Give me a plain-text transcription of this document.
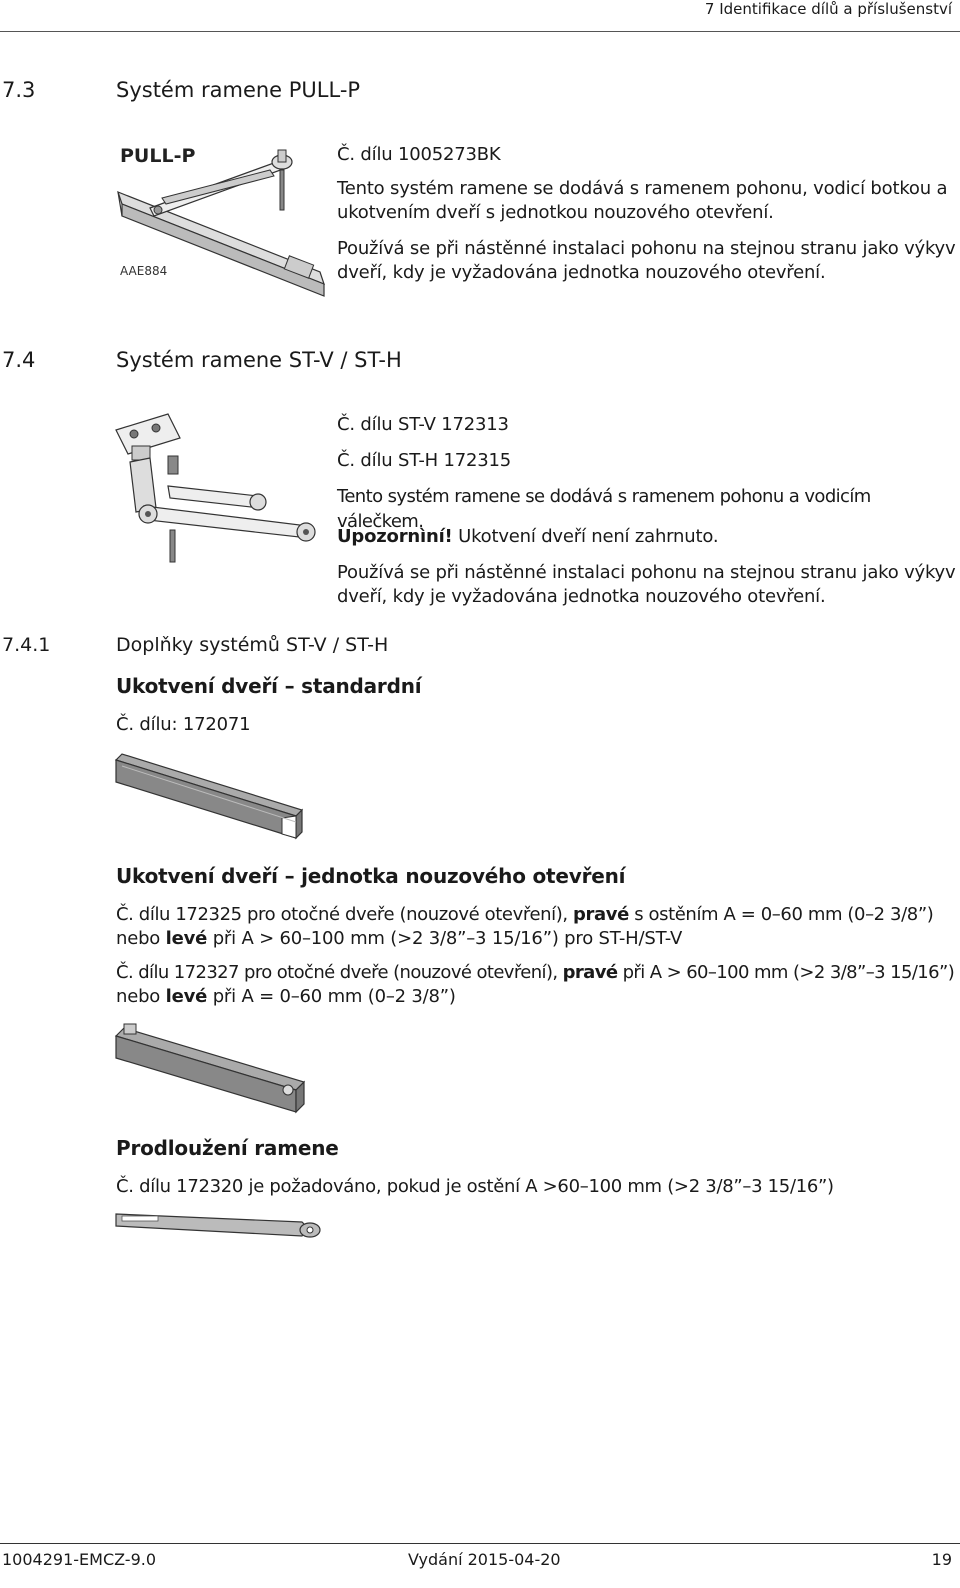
7 Identifikace dílů a příslušenství
7.3	Systém ramene PULL-P
PULL-P
AAE884
Č. dílu 1005273BK
Tento systém ramene se dodává s ramenem pohonu, vodicí botkou a
ukotvením dveří s jednotkou nouzového otevření.
Používá se při nástěnné instalaci pohonu na stejnou stranu jako výkyv
dveří, kdy je vyžadována jednotka nouzového otevření.
7.4	Systém ramene ST-V / ST-H
Č. dílu ST-V 172313
Č. dílu ST-H 172315
Tento systém ramene se dodává s ramenem pohonu a vodicím válečkem.
Upozornìní! Ukotvení dveří není zahrnuto.
Používá se při nástěnné instalaci pohonu na stejnou stranu jako výkyv
dveří, kdy je vyžadována jednotka nouzového otevření.
7.4.1	Doplňky systémů ST-V / ST-H
Ukotvení dveří – standardní
Č. dílu: 172071
Ukotvení dveří – jednotka nouzového otevření
Č. dílu 172325 pro otočné dveře (nouzové otevření), pravé s ostěním A = 0–60 mm (0–2 3/8”)
nebo levé při A > 60–100 mm (>2 3/8”–3 15/16”) pro ST-H/ST-V
Č. dílu 172327 pro otočné dveře (nouzové otevření), pravé při A > 60–100 mm (>2 3/8”–3 15/16”)
nebo levé při A = 0–60 mm (0–2 3/8”)
Prodloužení ramene
Č. dílu 172320 je požadováno, pokud je ostění A >60–100 mm (>2 3/8”–3 15/16”)
1004291-EMCZ-9.0	Vydání 2015-04-20	19
